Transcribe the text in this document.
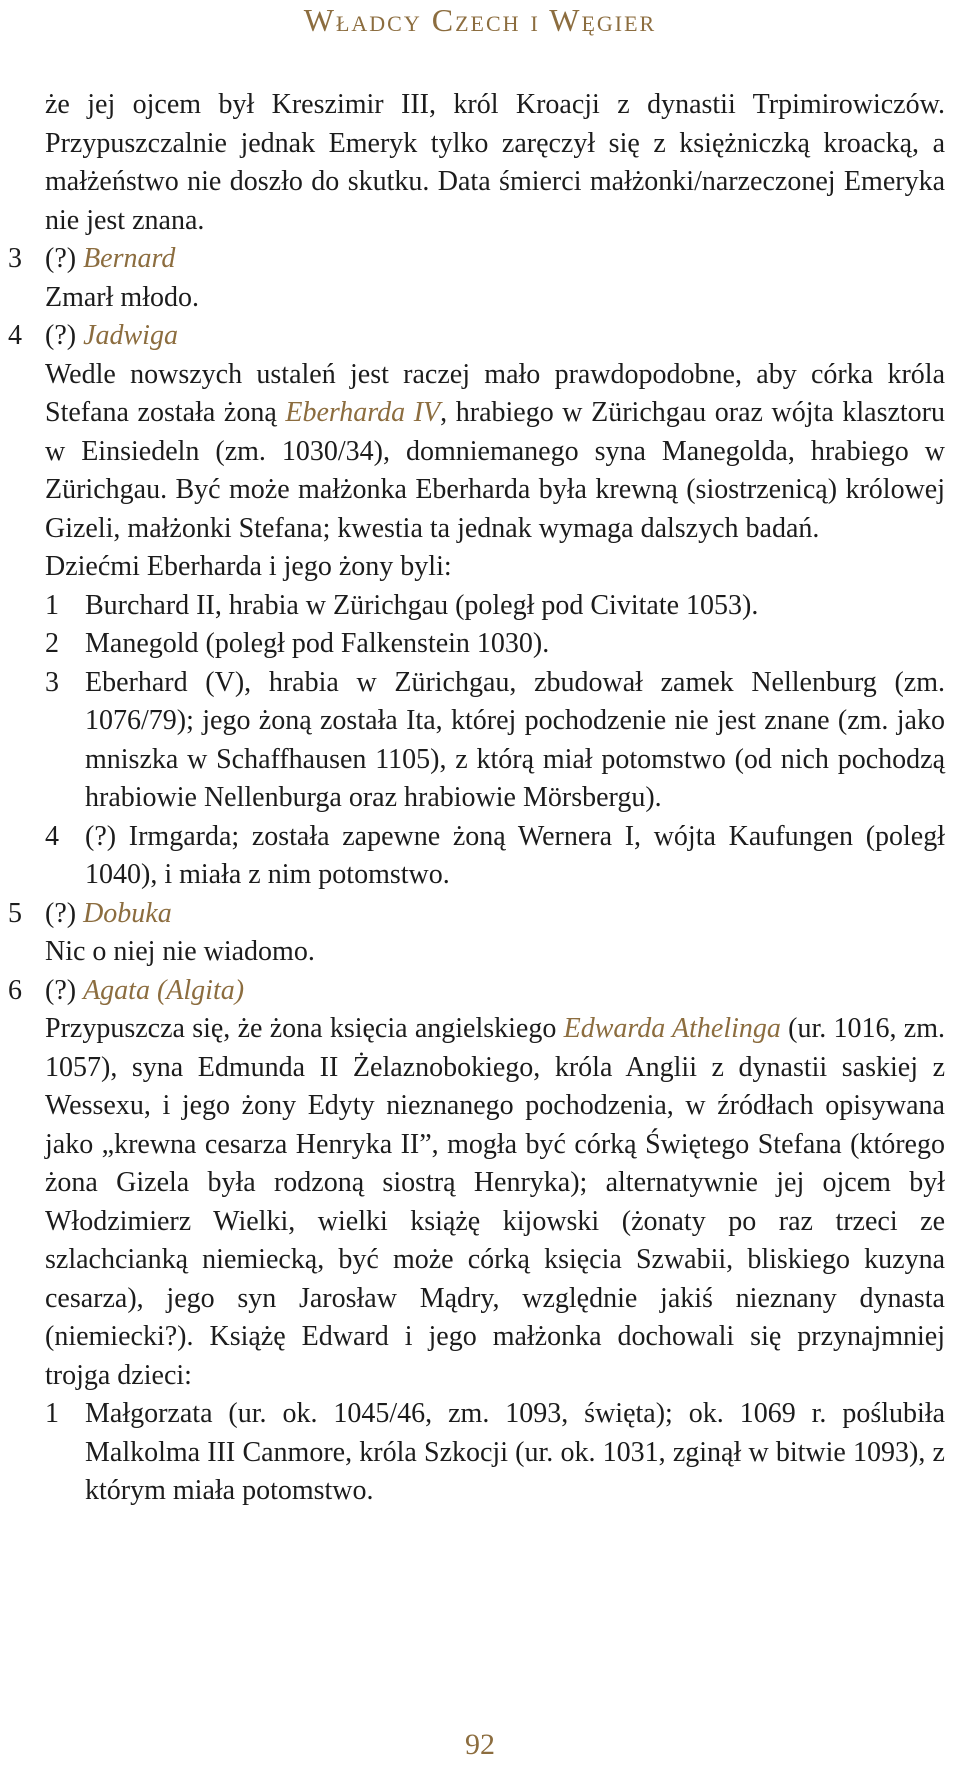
Władcy Czech i Węgier

że jej ojcem był Kreszimir III, król Kroacji z dynastii Trpimirowiczów. Przypuszczalnie jednak Emeryk tylko zaręczył się z księżniczką kroacką, a małżeństwo nie doszło do skutku. Data śmierci małżonki/narzeczonej Emeryka nie jest znana.

3 (?) Bernard

Zmarł młodo.

4 (?) Jadwiga

Wedle nowszych ustaleń jest raczej mało prawdopodobne, aby córka króla Stefana została żoną Eberharda IV, hrabiego w Zürichgau oraz wójta klasztoru w Einsiedeln (zm. 1030/34), domniemanego syna Manegolda, hrabiego w Zürichgau. Być może małżonka Eberharda była krewną (siostrzenicą) królowej Gizeli, małżonki Stefana; kwestia ta jednak wymaga dalszych badań.

Dziećmi Eberharda i jego żony byli:

1 Burchard II, hrabia w Zürichgau (poległ pod Civitate 1053).
2 Manegold (poległ pod Falkenstein 1030).
3 Eberhard (V), hrabia w Zürichgau, zbudował zamek Nellenburg (zm. 1076/79); jego żoną została Ita, której pochodzenie nie jest znane (zm. jako mniszka w Schaffhausen 1105), z którą miał potomstwo (od nich pochodzą hrabiowie Nellenburga oraz hrabiowie Mörsbergu).
4 (?) Irmgarda; została zapewne żoną Wernera I, wójta Kaufungen (poległ 1040), i miała z nim potomstwo.
5 (?) Dobuka

Nic o niej nie wiadomo.

6 (?) Agata (Algita)

Przypuszcza się, że żona księcia angielskiego Edwarda Athelinga (ur. 1016, zm. 1057), syna Edmunda II Żelaznobokiego, króla Anglii z dynastii saskiej z Wessexu, i jego żony Edyty nieznanego pochodzenia, w źródłach opisywana jako „krewna cesarza Henryka II”, mogła być córką Świętego Stefana (którego żona Gizela była rodzoną siostrą Henryka); alternatywnie jej ojcem był Włodzimierz Wielki, wielki książę kijowski (żonaty po raz trzeci ze szlachcianką niemiecką, być może córką księcia Szwabii, bliskiego kuzyna cesarza), jego syn Jarosław Mądry, względnie jakiś nieznany dynasta (niemiecki?). Książę Edward i jego małżonka dochowali się przynajmniej trojga dzieci:

1 Małgorzata (ur. ok. 1045/46, zm. 1093, święta); ok. 1069 r. poślubiła Malkolma III Canmore, króla Szkocji (ur. ok. 1031, zginął w bitwie 1093), z którym miała potomstwo.
92
